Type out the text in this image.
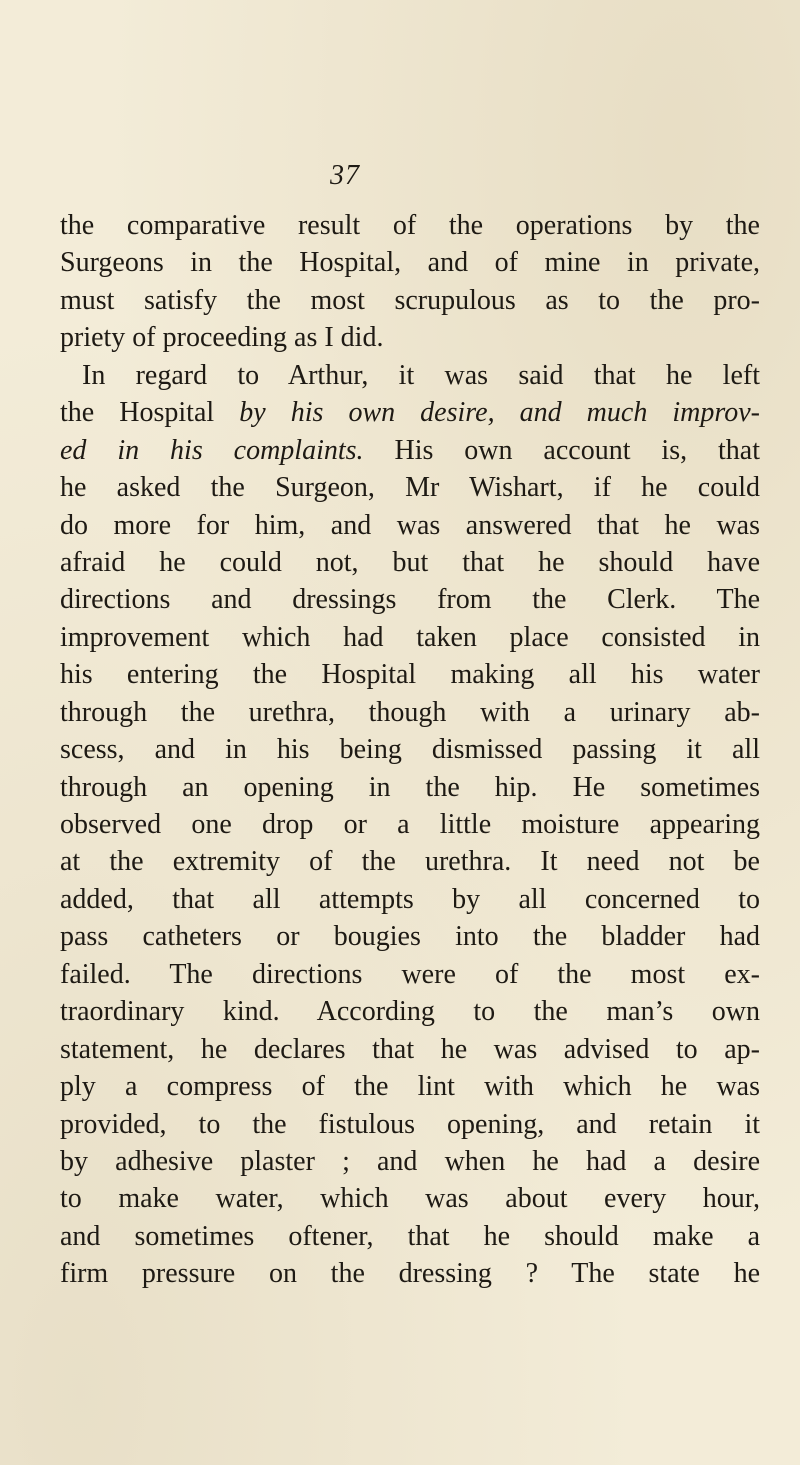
37
the comparative result of the operations by the
Surgeons in the Hospital, and of mine in private,
must satisfy the most scrupulous as to the pro-
priety of proceeding as I did.
In regard to Arthur, it was said that he left
the Hospital by his own desire, and much improv-
ed in his complaints. His own account is, that
he asked the Surgeon, Mr Wishart, if he could
do more for him, and was answered that he was
afraid he could not, but that he should have
directions and dressings from the Clerk. The
improvement which had taken place consisted in
his entering the Hospital making all his water
through the urethra, though with a urinary ab-
scess, and in his being dismissed passing it all
through an opening in the hip. He sometimes
observed one drop or a little moisture appearing
at the extremity of the urethra. It need not be
added, that all attempts by all concerned to
pass catheters or bougies into the bladder had
failed. The directions were of the most ex-
traordinary kind. According to the man’s own
statement, he declares that he was advised to ap-
ply a compress of the lint with which he was
provided, to the fistulous opening, and retain it
by adhesive plaster ; and when he had a desire
to make water, which was about every hour,
and sometimes oftener, that he should make a
firm pressure on the dressing ? The state he
